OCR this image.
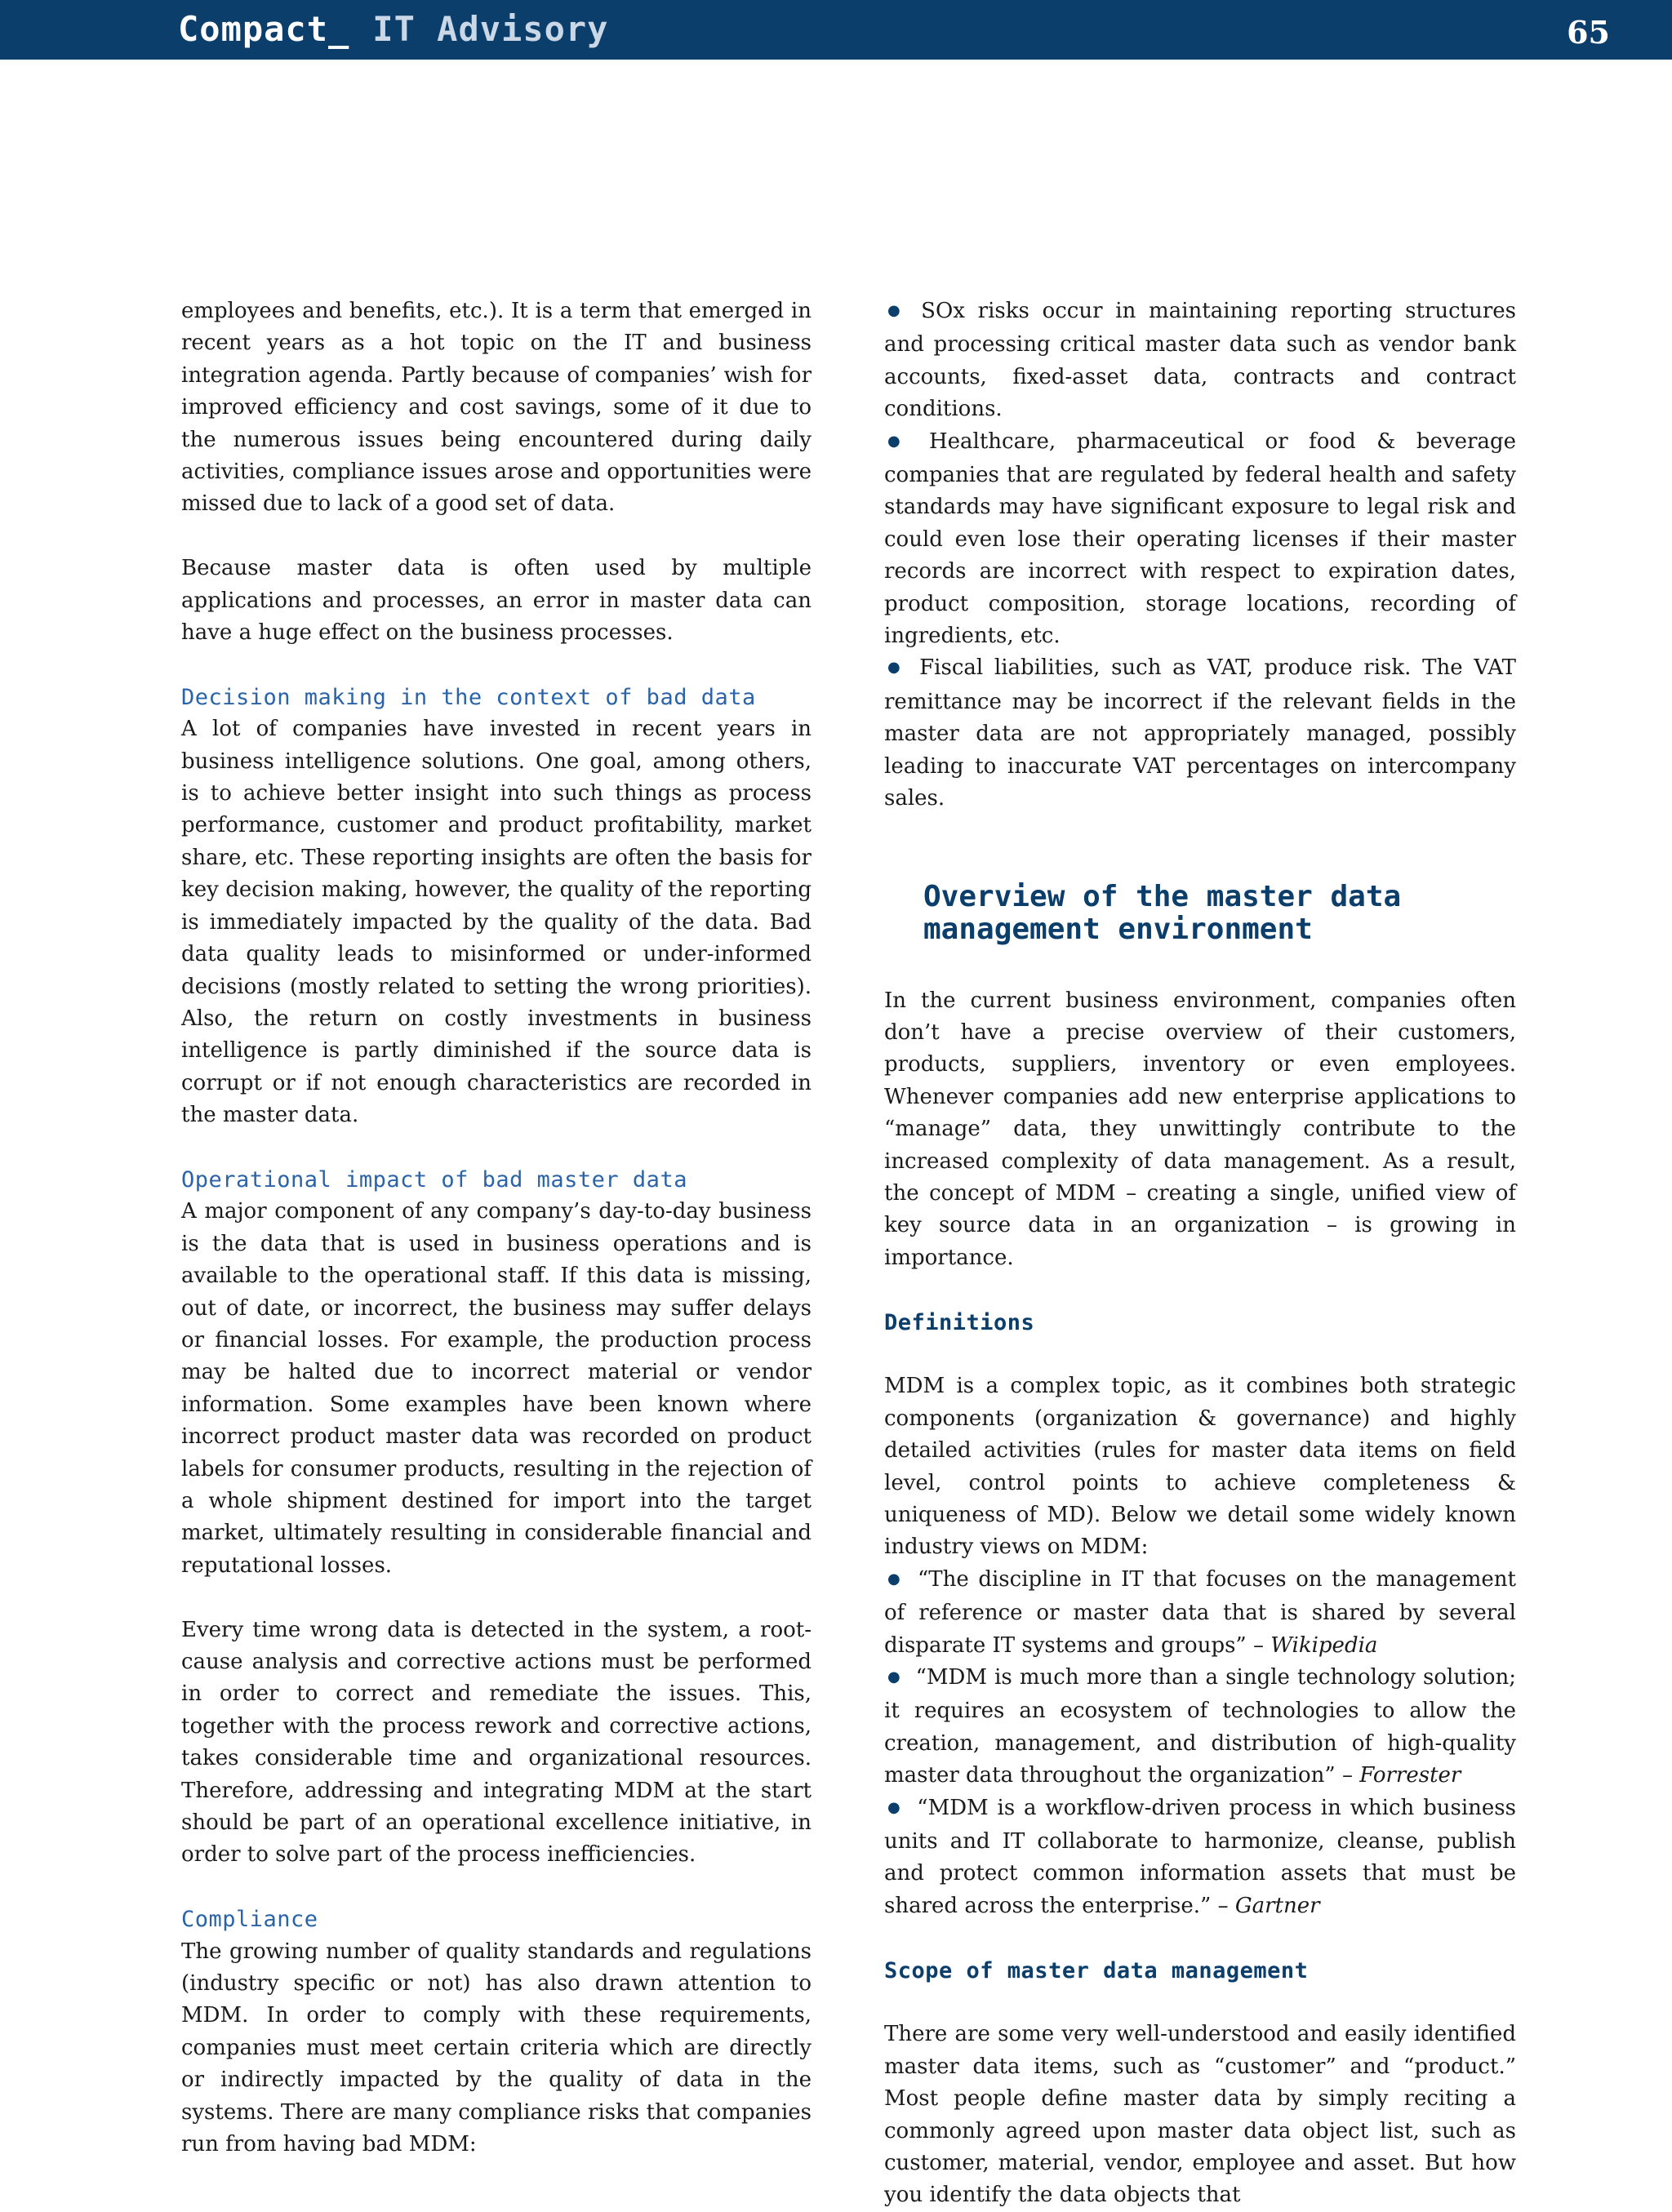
Compact_ IT Advisory	65

employees and benefits, etc.). It is a term that emerged in recent years as a hot topic on the IT and business integration agenda. Partly because of companies’ wish for improved efficiency and cost savings, some of it due to the numerous issues being encountered during daily activities, compliance issues arose and opportunities were missed due to lack of a good set of data.

Because master data is often used by multiple applications and processes, an error in master data can have a huge effect on the business processes.

Decision making in the context of bad data

A lot of companies have invested in recent years in business intelligence solutions. One goal, among others, is to achieve better insight into such things as process performance, customer and product profitability, market share, etc. These reporting insights are often the basis for key decision making, however, the quality of the reporting is immediately impacted by the quality of the data. Bad data quality leads to misinformed or under-informed decisions (mostly related to setting the wrong priorities). Also, the return on costly investments in business intelligence is partly diminished if the source data is corrupt or if not enough characteristics are recorded in the master data.

Operational impact of bad master data

A major component of any company’s day-to-day business is the data that is used in business operations and is available to the operational staff. If this data is missing, out of date, or incorrect, the business may suffer delays or financial losses. For example, the production process may be halted due to incorrect material or vendor information. Some examples have been known where incorrect product master data was recorded on product labels for consumer products, resulting in the rejection of a whole shipment destined for import into the target market, ultimately resulting in considerable financial and reputational losses.

Every time wrong data is detected in the system, a root-cause analysis and corrective actions must be performed in order to correct and remediate the issues. This, together with the process rework and corrective actions, takes considerable time and organizational resources. Therefore, addressing and integrating MDM at the start should be part of an operational excellence initiative, in order to solve part of the process inefficiencies.

Compliance

The growing number of quality standards and regulations (industry specific or not) has also drawn attention to MDM. In order to comply with these requirements, companies must meet certain criteria which are directly or indirectly impacted by the quality of data in the systems. There are many compliance risks that companies run from having bad MDM:

● SOx risks occur in maintaining reporting structures and processing critical master data such as vendor bank accounts, fixed-asset data, contracts and contract conditions.

● Healthcare, pharmaceutical or food & beverage companies that are regulated by federal health and safety standards may have significant exposure to legal risk and could even lose their operating licenses if their master records are incorrect with respect to expiration dates, product composition, storage locations, recording of ingredients, etc.

● Fiscal liabilities, such as VAT, produce risk. The VAT remittance may be incorrect if the relevant fields in the master data are not appropriately managed, possibly leading to inaccurate VAT percentages on intercompany sales.

Overview of the master data management environment

In the current business environment, companies often don’t have a precise overview of their customers, products, suppliers, inventory or even employees. Whenever companies add new enterprise applications to “manage” data, they unwittingly contribute to the increased complexity of data management. As a result, the concept of MDM – creating a single, unified view of key source data in an organization – is growing in importance.

Definitions

MDM is a complex topic, as it combines both strategic components (organization & governance) and highly detailed activities (rules for master data items on field level, control points to achieve completeness & uniqueness of MD). Below we detail some widely known industry views on MDM:

● “The discipline in IT that focuses on the management of reference or master data that is shared by several disparate IT systems and groups” – Wikipedia

● “MDM is much more than a single technology solution; it requires an ecosystem of technologies to allow the creation, management, and distribution of high-quality master data throughout the organization” – Forrester

● “MDM is a workflow-driven process in which business units and IT collaborate to harmonize, cleanse, publish and protect common information assets that must be shared across the enterprise.” – Gartner

Scope of master data management

There are some very well-understood and easily identified master data items, such as “customer” and “product.” Most people define master data by simply reciting a commonly agreed upon master data object list, such as customer, material, vendor, employee and asset. But how you identify the data objects that
